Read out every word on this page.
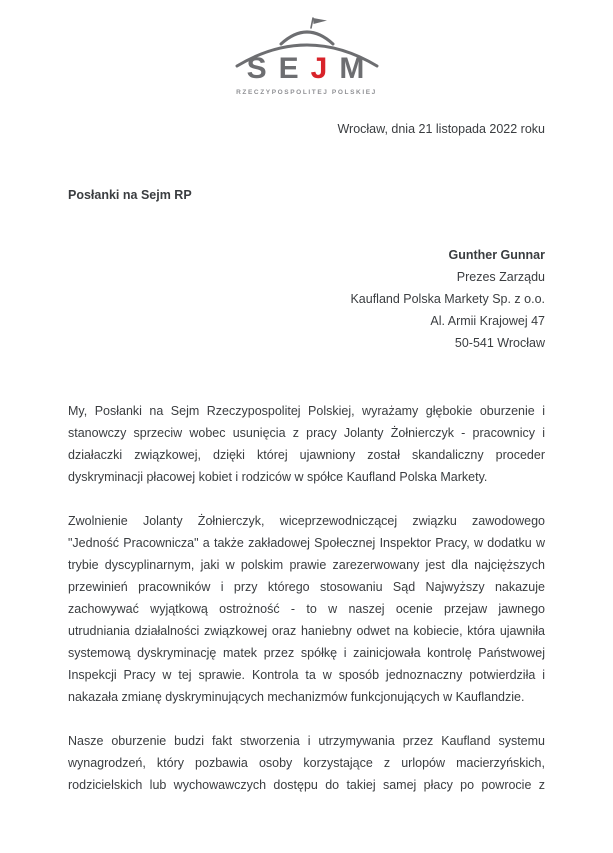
SEJM
RZECZYPOSPOLITEJ POLSKIEJ
Wrocław, dnia 21 listopada 2022 roku
Posłanki na Sejm RP
Gunther Gunnar
Prezes Zarządu
Kaufland Polska Markety Sp. z o.o.
Al. Armii Krajowej 47
50-541 Wrocław

My, Posłanki na Sejm Rzeczypospolitej Polskiej, wyrażamy głębokie oburzenie i
stanowczy sprzeciw wobec usunięcia z pracy Jolanty Żołnierczyk - pracownicy i
działaczki związkowej, dzięki której ujawniony został skandaliczny proceder
dyskryminacji płacowej kobiet i rodziców w spółce Kaufland Polska Markety.

Zwolnienie Jolanty Żołnierczyk, wiceprzewodniczącej związku zawodowego
"Jedność Pracownicza" a także zakładowej Społecznej Inspektor Pracy, w dodatku w
trybie dyscyplinarnym, jaki w polskim prawie zarezerwowany jest dla najcięższych
przewinień pracowników i przy którego stosowaniu Sąd Najwyższy nakazuje
zachowywać wyjątkową ostrożność - to w naszej ocenie przejaw jawnego
utrudniania działalności związkowej oraz haniebny odwet na kobiecie, która ujawniła
systemową dyskryminację matek przez spółkę i zainicjowała kontrolę Państwowej
Inspekcji Pracy w tej sprawie. Kontrola ta w sposób jednoznaczny potwierdziła i
nakazała zmianę dyskryminujących mechanizmów funkcjonujących w Kauflandzie.

Nasze oburzenie budzi fakt stworzenia i utrzymywania przez Kaufland systemu
wynagrodzeń, który pozbawia osoby korzystające z urlopów macierzyńskich,
rodzicielskich lub wychowawczych dostępu do takiej samej płacy po powrocie z
